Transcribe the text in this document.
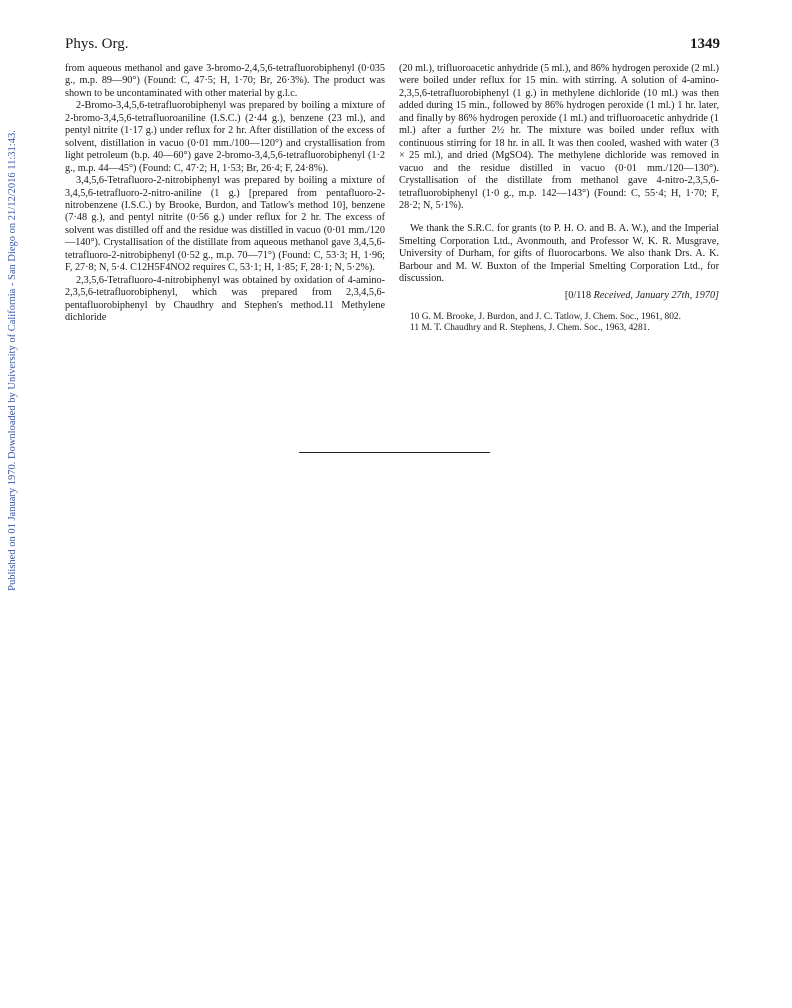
Published on 01 January 1970. Downloaded by University of California - San Diego on 21/12/2016 11:31:43.
Phys. Org.	1349

from aqueous methanol and gave 3-bromo-2,4,5,6-tetrafluorobiphenyl (0·035 g., m.p. 89—90°) (Found: C, 47·5; H, 1·70; Br, 26·3%). The product was shown to be uncontaminated with other material by g.l.c.

2-Bromo-3,4,5,6-tetrafluorobiphenyl was prepared by boiling a mixture of 2-bromo-3,4,5,6-tetrafluoroaniline (I.S.C.) (2·44 g.), benzene (23 ml.), and pentyl nitrite (1·17 g.) under reflux for 2 hr. After distillation of the excess of solvent, distillation in vacuo (0·01 mm./100—120°) and crystallisation from light petroleum (b.p. 40—60°) gave 2-bromo-3,4,5,6-tetrafluorobiphenyl (1·2 g., m.p. 44—45°) (Found: C, 47·2; H, 1·53; Br, 26·4; F, 24·8%).

3,4,5,6-Tetrafluoro-2-nitrobiphenyl was prepared by boiling a mixture of 3,4,5,6-tetrafluoro-2-nitro-aniline (1 g.) [prepared from pentafluoro-2-nitrobenzene (I.S.C.) by Brooke, Burdon, and Tatlow's method 10], benzene (7·48 g.), and pentyl nitrite (0·56 g.) under reflux for 2 hr. The excess of solvent was distilled off and the residue was distilled in vacuo (0·01 mm./120—140°). Crystallisation of the distillate from aqueous methanol gave 3,4,5,6-tetrafluoro-2-nitrobiphenyl (0·52 g., m.p. 70—71°) (Found: C, 53·3; H, 1·96; F, 27·8; N, 5·4. C12H5F4NO2 requires C, 53·1; H, 1·85; F, 28·1; N, 5·2%).

2,3,5,6-Tetrafluoro-4-nitrobiphenyl was obtained by oxidation of 4-amino-2,3,5,6-tetrafluorobiphenyl, which was prepared from 2,3,4,5,6-pentafluorobiphenyl by Chaudhry and Stephen's method.11 Methylene dichloride

(20 ml.), trifluoroacetic anhydride (5 ml.), and 86% hydrogen peroxide (2 ml.) were boiled under reflux for 15 min. with stirring. A solution of 4-amino-2,3,5,6-tetrafluorobiphenyl (1 g.) in methylene dichloride (10 ml.) was then added during 15 min., followed by 86% hydrogen peroxide (1 ml.) 1 hr. later, and finally by 86% hydrogen peroxide (1 ml.) and trifluoroacetic anhydride (1 ml.) after a further 2½ hr. The mixture was boiled under reflux with continuous stirring for 18 hr. in all. It was then cooled, washed with water (3 × 25 ml.), and dried (MgSO4). The methylene dichloride was removed in vacuo and the residue distilled in vacuo (0·01 mm./120—130°). Crystallisation of the distillate from methanol gave 4-nitro-2,3,5,6-tetrafluorobiphenyl (1·0 g., m.p. 142—143°) (Found: C, 55·4; H, 1·70; F, 28·2; N, 5·1%).

We thank the S.R.C. for grants (to P. H. O. and B. A. W.), and the Imperial Smelting Corporation Ltd., Avonmouth, and Professor W. K. R. Musgrave, University of Durham, for gifts of fluorocarbons. We also thank Drs. A. K. Barbour and M. W. Buxton of the Imperial Smelting Corporation Ltd., for discussion.

[0/118 Received, January 27th, 1970]

10 G. M. Brooke, J. Burdon, and J. C. Tatlow, J. Chem. Soc., 1961, 802.

11 M. T. Chaudhry and R. Stephens, J. Chem. Soc., 1963, 4281.
